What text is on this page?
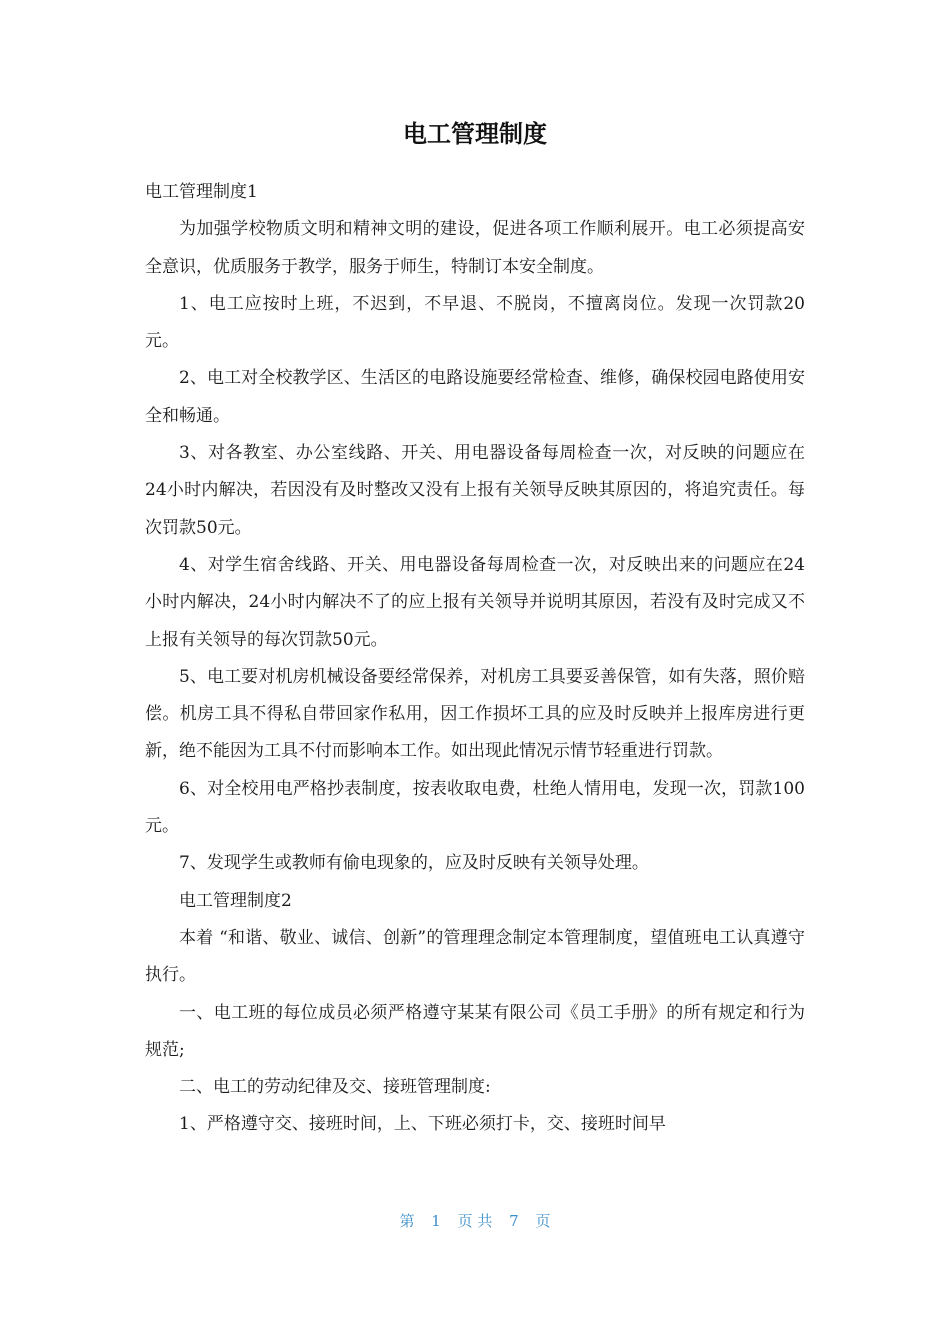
电工管理制度

电工管理制度1

为加强学校物质文明和精神文明的建设，促进各项工作顺利展开。电工必须提高安全意识，优质服务于教学，服务于师生，特制订本安全制度。

1、电工应按时上班，不迟到，不早退、不脱岗，不擅离岗位。发现一次罚款20元。

2、电工对全校教学区、生活区的电路设施要经常检查、维修，确保校园电路使用安全和畅通。

3、对各教室、办公室线路、开关、用电器设备每周检查一次，对反映的问题应在24小时内解决，若因没有及时整改又没有上报有关领导反映其原因的，将追究责任。每次罚款50元。

4、对学生宿舍线路、开关、用电器设备每周检查一次，对反映出来的问题应在24小时内解决，24小时内解决不了的应上报有关领导并说明其原因，若没有及时完成又不上报有关领导的每次罚款50元。

5、电工要对机房机械设备要经常保养，对机房工具要妥善保管，如有失落，照价赔偿。机房工具不得私自带回家作私用，因工作损坏工具的应及时反映并上报库房进行更新，绝不能因为工具不付而影响本工作。如出现此情况示情节轻重进行罚款。

6、对全校用电严格抄表制度，按表收取电费，杜绝人情用电，发现一次，罚款100元。

7、发现学生或教师有偷电现象的，应及时反映有关领导处理。

电工管理制度2

本着 “和谐、敬业、诚信、创新”的管理理念制定本管理制度，望值班电工认真遵守执行。

一、电工班的每位成员必须严格遵守某某有限公司《员工手册》的所有规定和行为规范;

二、电工的劳动纪律及交、接班管理制度:

1、严格遵守交、接班时间，上、下班必须打卡，交、接班时间早

第 1 页 共 7 页
